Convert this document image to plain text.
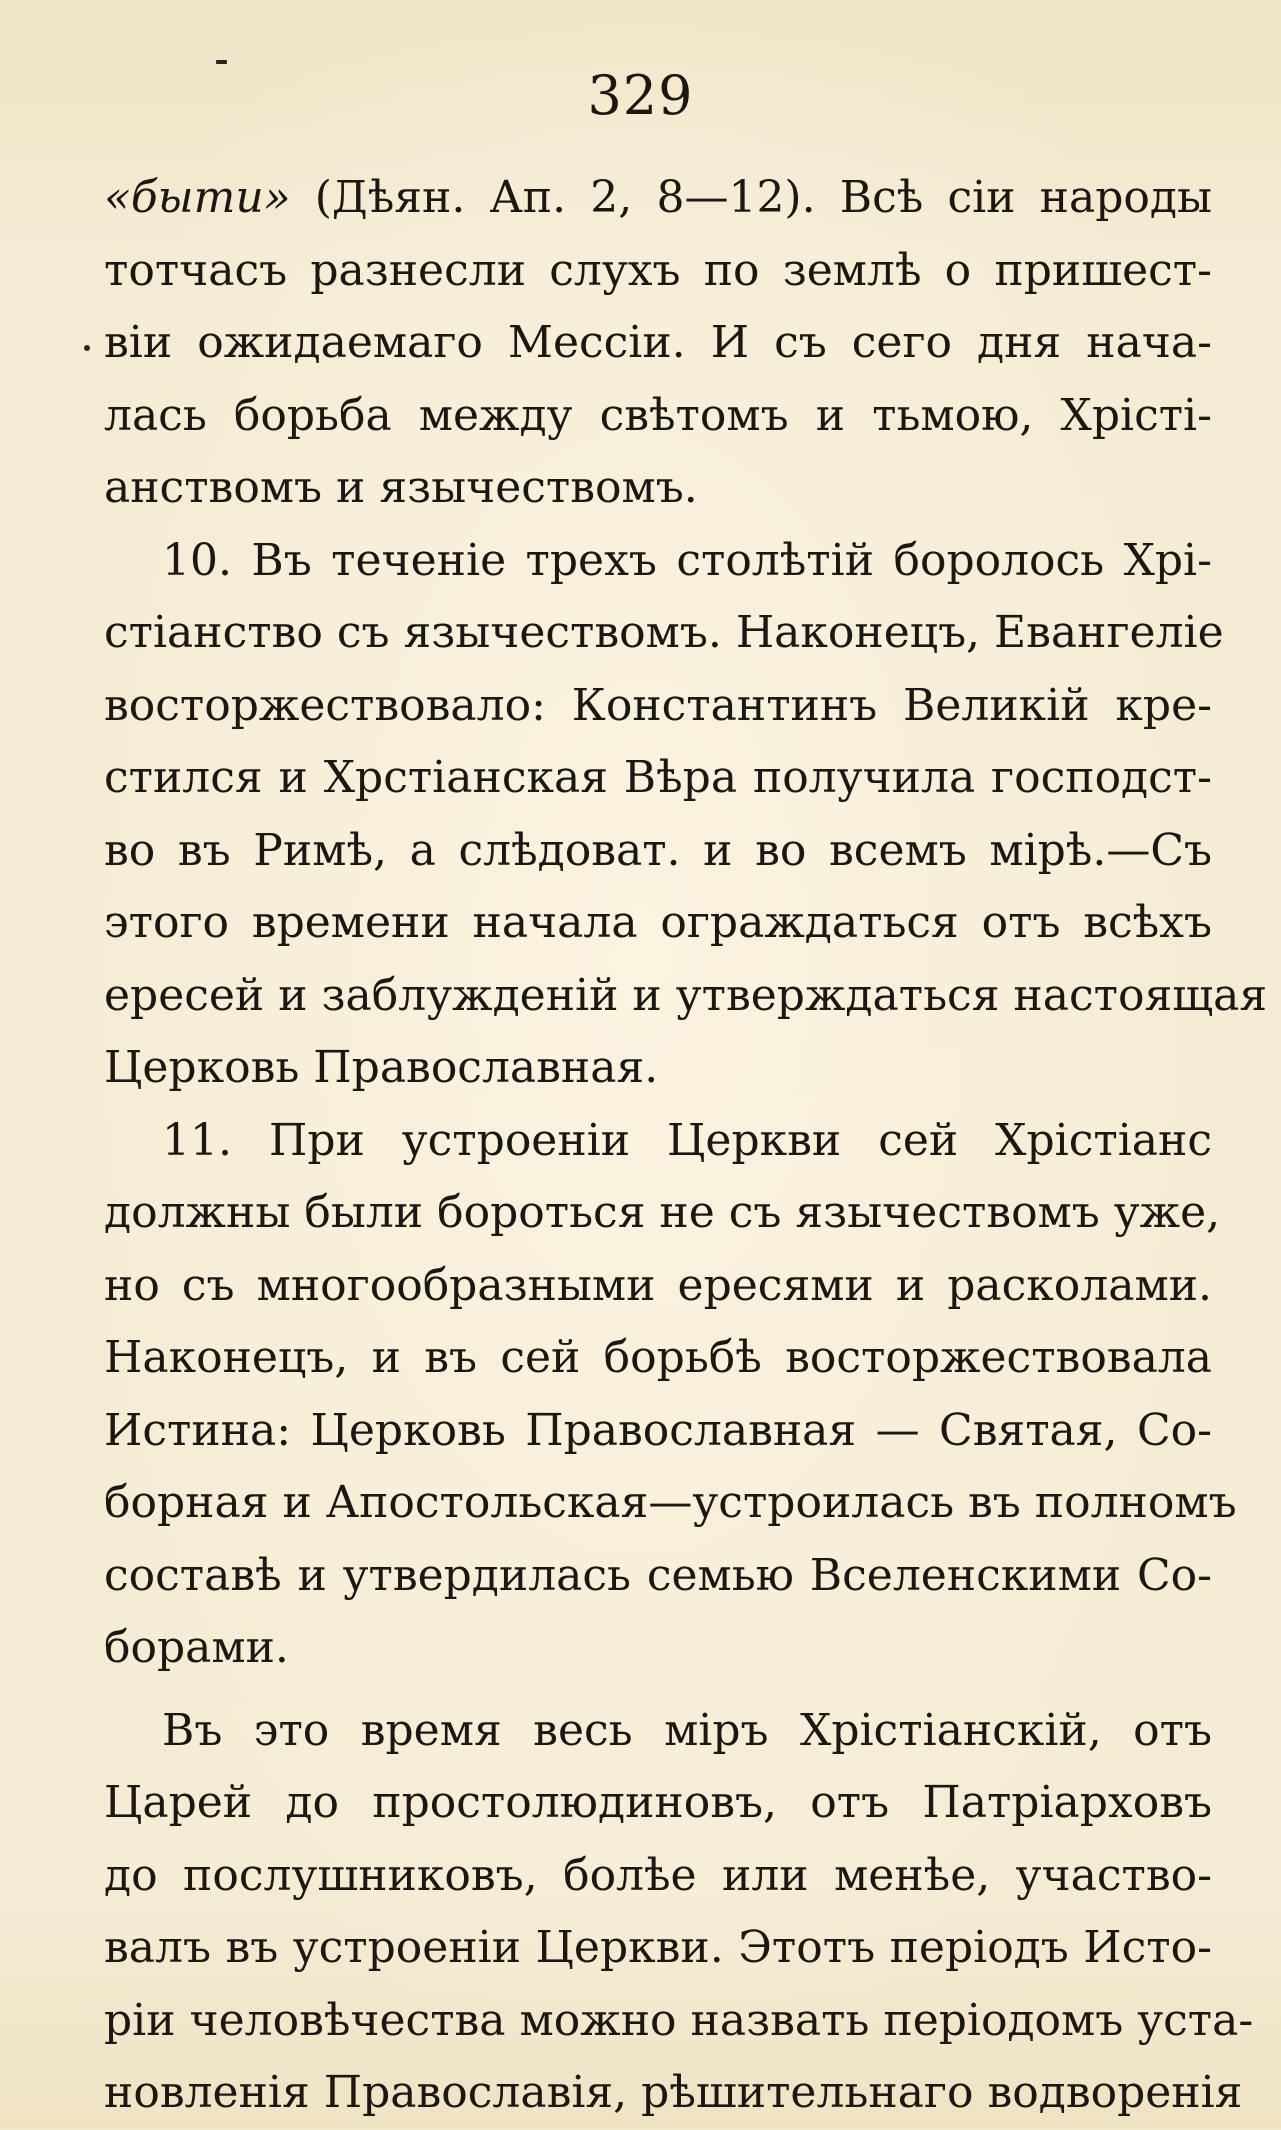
329
«быти» (Дѣян. Ап. 2, 8—12). Всѣ сіи народы
тотчасъ разнесли слухъ по землѣ о пришест-
віи ожидаемаго Мессіи. И съ сего дня нача-
лась борьба между свѣтомъ и тьмою, Хрісті-
анствомъ и язычествомъ.
10. Въ теченіе трехъ столѣтій боролось Хрі-
стіанство съ язычествомъ. Наконецъ, Евангеліе
восторжествовало: Константинъ Великій кре-
стился и Хрстіанская Вѣра получила господст-
во въ Римѣ, а слѣдоват. и во всемъ мірѣ.—Съ
этого времени начала ограждаться отъ всѣхъ
ересей и заблужденій и утверждаться настоящая
Церковь Православная.
11. При устроеніи Церкви сей Хрістіанс
должны были бороться не съ язычествомъ уже,
но съ многообразными ересями и расколами.
Наконецъ, и въ сей борьбѣ восторжествовала
Истина: Церковь Православная — Святая, Со-
борная и Апостольская—устроилась въ полномъ
составѣ и утвердилась семью Вселенскими Со-
борами.
Въ это время весь міръ Хрістіанскій, отъ
Царей до простолюдиновъ, отъ Патріарховъ
до послушниковъ, болѣе или менѣе, участво-
валъ въ устроеніи Церкви. Этотъ періодъ Исто-
ріи человѣчества можно назвать періодомъ уста-
новленія Православія, рѣшительнаго водворенія
